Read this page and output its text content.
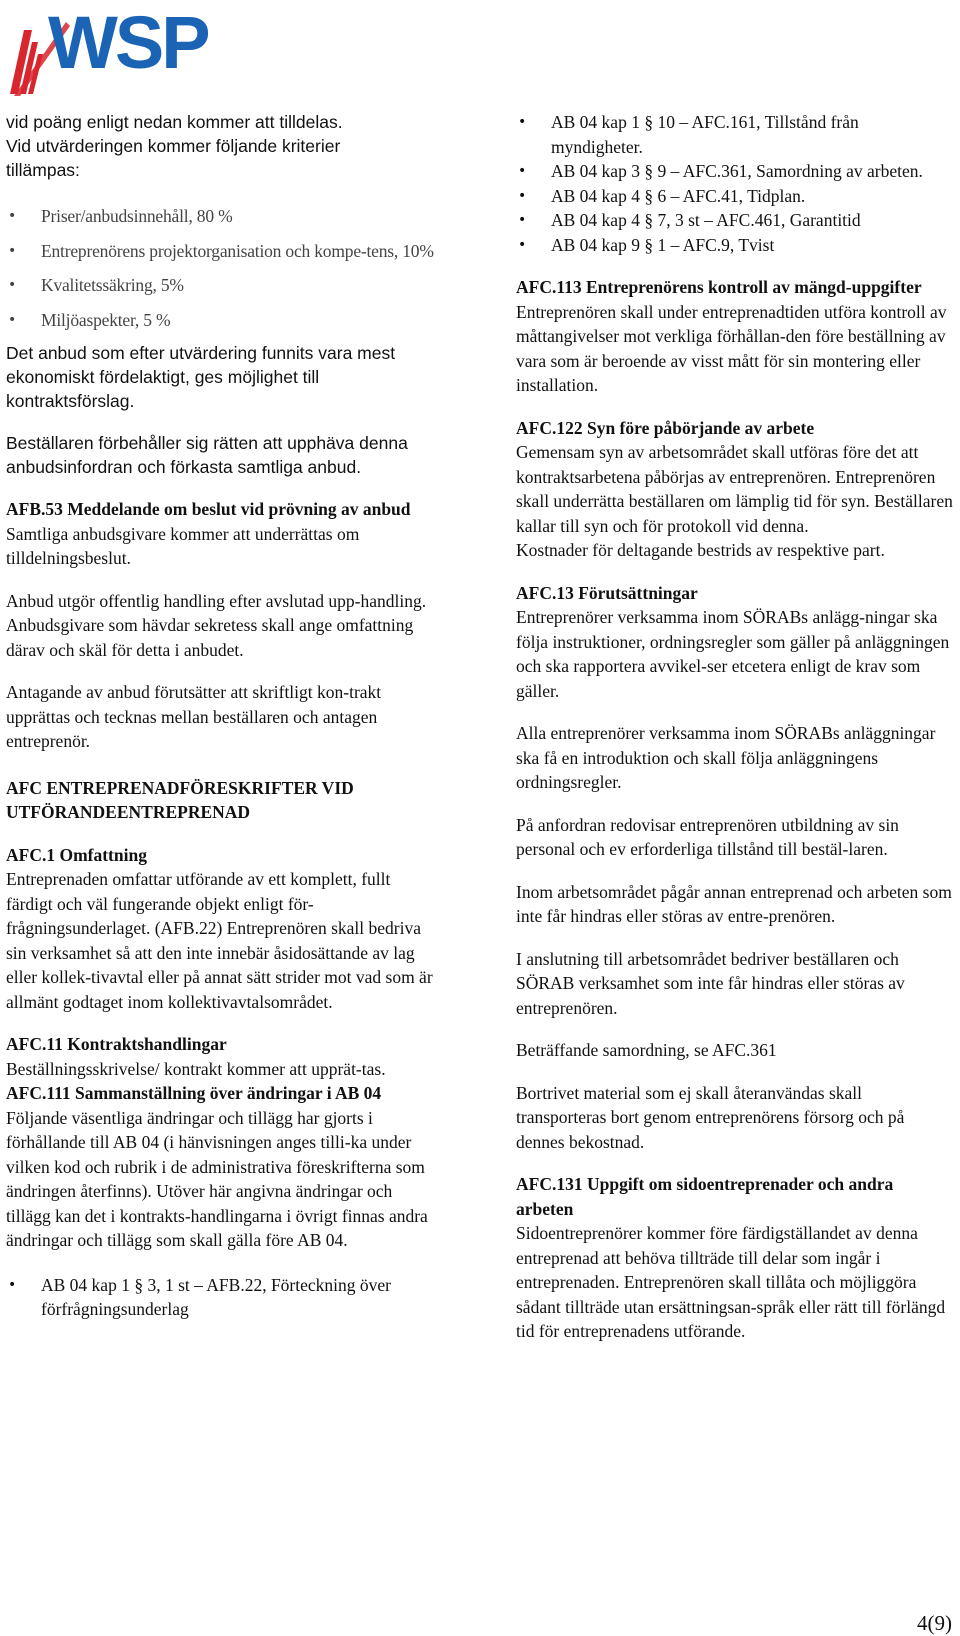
WSP
vid poäng enligt nedan kommer att tilldelas.
Vid utvärderingen kommer följande kriterier
tillämpas:
• Priser/anbudsinnehåll, 80 %
• Entreprenörens projektorganisation och kompe-tens, 10%
• Kvalitetssäkring, 5%
• Miljöaspekter, 5 %

Det anbud som efter utvärdering funnits vara mest ekonomiskt fördelaktigt, ges möjlighet till kontraktsförslag.

Beställaren förbehåller sig rätten att upphäva denna anbudsinfordran och förkasta samtliga anbud.

AFB.53 Meddelande om beslut vid prövning av anbud

Samtliga anbudsgivare kommer att underrättas om tilldelningsbeslut.

Anbud utgör offentlig handling efter avslutad upp-handling. Anbudsgivare som hävdar sekretess skall ange omfattning därav och skäl för detta i anbudet.

Antagande av anbud förutsätter att skriftligt kon-trakt upprättas och tecknas mellan beställaren och antagen entreprenör.

AFC ENTREPRENADFÖRESKRIFTER VID UTFÖRANDEENTREPRENAD

AFC.1 Omfattning

Entreprenaden omfattar utförande av ett komplett, fullt färdigt och väl fungerande objekt enligt för-frågningsunderlaget. (AFB.22) Entreprenören skall bedriva sin verksamhet så att den inte innebär åsidosättande av lag eller kollek-tivavtal eller på annat sätt strider mot vad som är allmänt godtaget inom kollektivavtalsområdet.

AFC.11 Kontraktshandlingar

Beställningsskrivelse/ kontrakt kommer att upprät-tas.

AFC.111 Sammanställning över ändringar i AB 04

Följande väsentliga ändringar och tillägg har gjorts i förhållande till AB 04 (i hänvisningen anges tilli-ka under vilken kod och rubrik i de administrativa föreskrifterna som ändringen återfinns). Utöver här angivna ändringar och tillägg kan det i kontrakts-handlingarna i övrigt finnas andra ändringar och tillägg som skall gälla före AB 04.

• AB 04 kap 1 § 3, 1 st – AFB.22, Förteckning över förfrågningsunderlag
• AB 04 kap 1 § 10 – AFC.161, Tillstånd från myndigheter.
• AB 04 kap 3 § 9 – AFC.361, Samordning av arbeten.
• AB 04 kap 4 § 6 – AFC.41, Tidplan.
• AB 04 kap 4 § 7, 3 st – AFC.461, Garantitid
• AB 04 kap 9 § 1 – AFC.9, Tvist

AFC.113 Entreprenörens kontroll av mängd-uppgifter

Entreprenören skall under entreprenadtiden utföra kontroll av måttangivelser mot verkliga förhållan-den före beställning av vara som är beroende av visst mått för sin montering eller installation.

AFC.122 Syn före påbörjande av arbete

Gemensam syn av arbetsområdet skall utföras före det att kontraktsarbetena påbörjas av entreprenören. Entreprenören skall underrätta beställaren om lämplig tid för syn. Beställaren kallar till syn och för protokoll vid denna.

Kostnader för deltagande bestrids av respektive part.

AFC.13 Förutsättningar

Entreprenörer verksamma inom SÖRABs anlägg-ningar ska följa instruktioner, ordningsregler som gäller på anläggningen och ska rapportera avvikel-ser etcetera enligt de krav som gäller.

Alla entreprenörer verksamma inom SÖRABs anläggningar ska få en introduktion och skall följa anläggningens ordningsregler.

På anfordran redovisar entreprenören utbildning av sin personal och ev erforderliga tillstånd till bestäl-laren.

Inom arbetsområdet pågår annan entreprenad och arbeten som inte får hindras eller störas av entre-prenören.

I anslutning till arbetsområdet bedriver beställaren och SÖRAB verksamhet som inte får hindras eller störas av entreprenören.

Beträffande samordning, se AFC.361

Bortrivet material som ej skall återanvändas skall transporteras bort genom entreprenörens försorg och på dennes bekostnad.

AFC.131 Uppgift om sidoentreprenader och andra arbeten

Sidoentreprenörer kommer före färdigställandet av denna entreprenad att behöva tillträde till delar som ingår i entreprenaden. Entreprenören skall tillåta och möjliggöra sådant tillträde utan ersättningsan-språk eller rätt till förlängd tid för entreprenadens utförande.

4(9)
